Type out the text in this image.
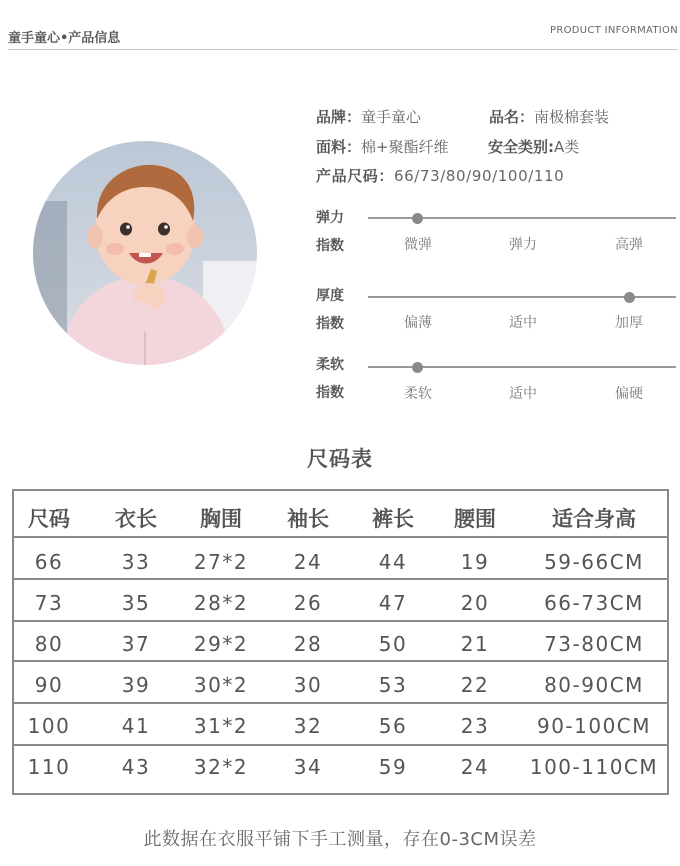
童手童心•产品信息
PRODUCT INFORMATION
品牌：童手童心	品名：南极棉套装
面料：棉+聚酯纤维	安全类别:A类
产品尺码：66/73/80/90/100/110
弹力
指数	微弹	弹力	高弹
厚度
指数	偏薄	适中	加厚
柔软
指数	柔软	适中	偏硬
尺码表
尺码 衣长 胸围 袖长 裤长 腰围	适合身高
66	33 27*2 24	44	19	59-66CM
73	35 28*2 26	47	20	66-73CM
80	37 29*2 28	50	21	73-80CM
90	39 30*2 30	53	22	80-90CM
100	41 31*2 32	56	23 90-100CM
110	43 32*2 34	59	24 100-110CM
此数据在衣服平铺下手工测量，存在0-3CM误差
